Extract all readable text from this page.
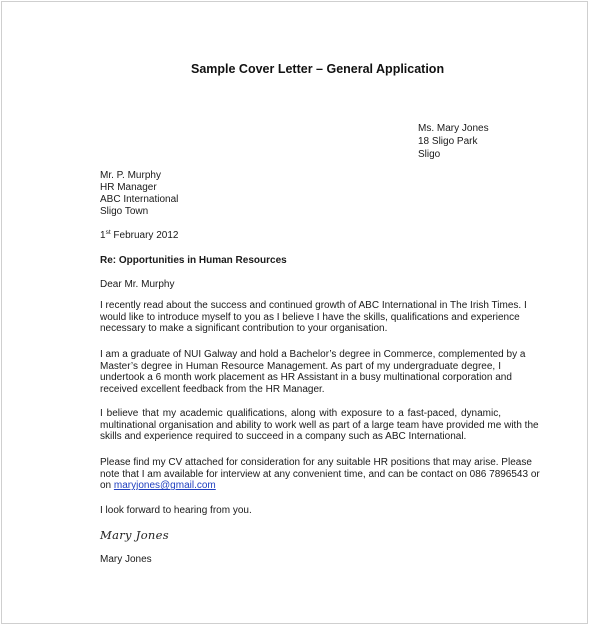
Sample Cover Letter – General Application
Ms. Mary Jones
18 Sligo Park
Sligo
Mr. P. Murphy
HR Manager
ABC International
Sligo Town
1st February 2012
Re: Opportunities in Human Resources
Dear Mr. Murphy
I recently read about the success and continued growth of ABC International in The Irish Times. I
would like to introduce myself to you as I believe I have the skills, qualifications and experience
necessary to make a significant contribution to your organisation.
I am a graduate of NUI Galway and hold a Bachelor’s degree in Commerce, complemented by a
Master’s degree in Human Resource Management. As part of my undergraduate degree, I
undertook a 6 month work placement as HR Assistant in a busy multinational corporation and
received excellent feedback from the HR Manager.
I believe that my academic qualifications, along with exposure to a fast-paced, dynamic,
multinational organisation and ability to work well as part of a large team have provided me with the
skills and experience required to succeed in a company such as ABC International.
Please find my CV attached for consideration for any suitable HR positions that may arise. Please
note that I am available for interview at any convenient time, and can be contact on 086 7896543 or
on maryjones@gmail.com
I look forward to hearing from you.
Mary Jones
Mary Jones
